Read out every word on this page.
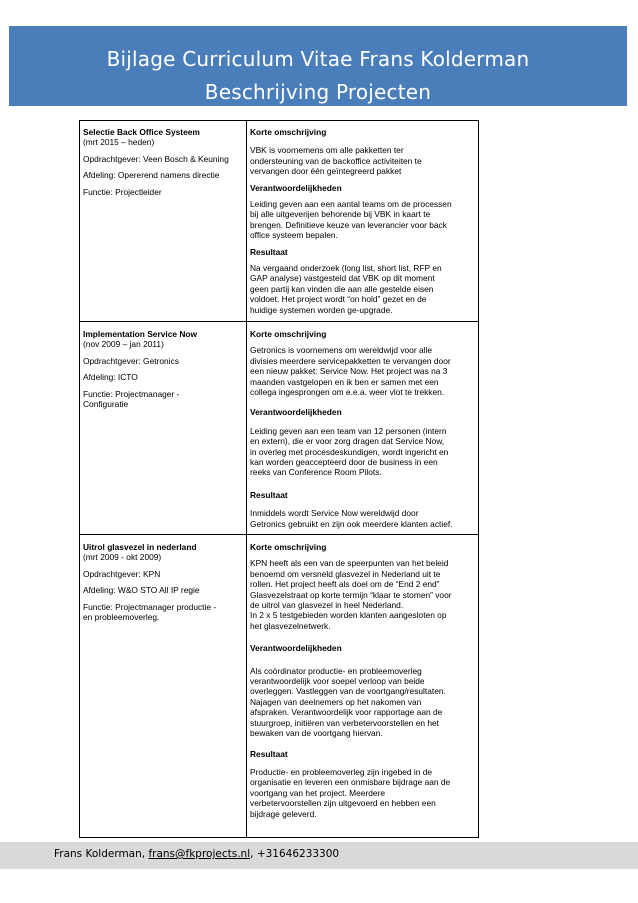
Bijlage Curriculum Vitae Frans Kolderman
Beschrijving Projecten

Selectie Back Office Systeem

(mrt 2015 – heden)

Opdrachtgever: Veen Bosch & Keuning

Afdeling: Opererend namens directie

Functie: Projectleider

Korte omschrijving

VBK is voornemens om alle pakketten ter

ondersteuning van de backoffice activiteiten te

vervangen door één geïntegreerd pakket

Verantwoordelijkheden

Leiding geven aan een aantal teams om de processen

bij alle uitgeverijen behorende bij VBK in kaart te

brengen. Definitieve keuze van leverancier voor back

office systeem bepalen.

Resultaat

Na vergaand onderzoek (long list, short list, RFP en

GAP analyse) vastgesteld dat VBK op dit moment

geen partij kan vinden die aan alle gestelde eisen

voldoet. Het project wordt “on hold” gezet en de

huidige systemen worden ge-upgrade.

Implementation Service Now

(nov 2009 – jan 2011)

Opdrachtgever: Getronics

Afdeling: ICTO

Functie: Projectmanager -

Configuratie

Korte omschrijving

Getronics is voornemens om wereldwijd voor alle

divisies meerdere servicepakketten te vervangen door

een nieuw pakket: Service Now. Het project was na 3

maanden vastgelopen en ik ben er samen met een

collega ingesprongen om e.e.a. weer vlot te trekken.

Verantwoordelijkheden

Leiding geven aan een team van 12 personen (intern

en extern), die er voor zorg dragen dat Service Now,

in overleg met procesdeskundigen, wordt ingericht en

kan worden geaccepteerd door de business in een

reeks van Conference Room Pilots.

Resultaat

Inmiddels wordt Service Now wereldwijd door

Getronics gebruikt en zijn ook meerdere klanten actief.

Uitrol glasvezel in nederland

(mrt 2009 - okt 2009)

Opdrachtgever: KPN

Afdeling: W&O STO All IP regie

Functie: Projectmanager productie -

en probleemoverleg.

Korte omschrijving

KPN heeft als een van de speerpunten van het beleid

benoemd om versneld glasvezel in Nederland uit te

rollen. Het project heeft als doel om de “End 2 end”

Glasvezelstraat op korte termijn “klaar te stomen” voor

de uitrol van glasvezel in heel Nederland.

In 2 x 5 testgebieden worden klanten aangesloten op

het glasvezelnetwerk.

Verantwoordelijkheden

Als coördinator productie- en probleemoverleg

verantwoordelijk voor soepel verloop van beide

overleggen. Vastleggen van de voortgang/resultaten.

Najagen van deelnemers op het nakomen van

afspraken. Verantwoordelijk voor rapportage aan de

stuurgroep, initiëren van verbetervoorstellen en het

bewaken van de voortgang hiervan.

Resultaat

Productie- en probleemoverleg zijn ingebed in de

organisatie en leveren een onmisbare bijdrage aan de

voortgang van het project. Meerdere

verbetervoorstellen zijn uitgevoerd en hebben een

bijdrage geleverd.

Frans Kolderman, frans@fkprojects.nl, +31646233300
